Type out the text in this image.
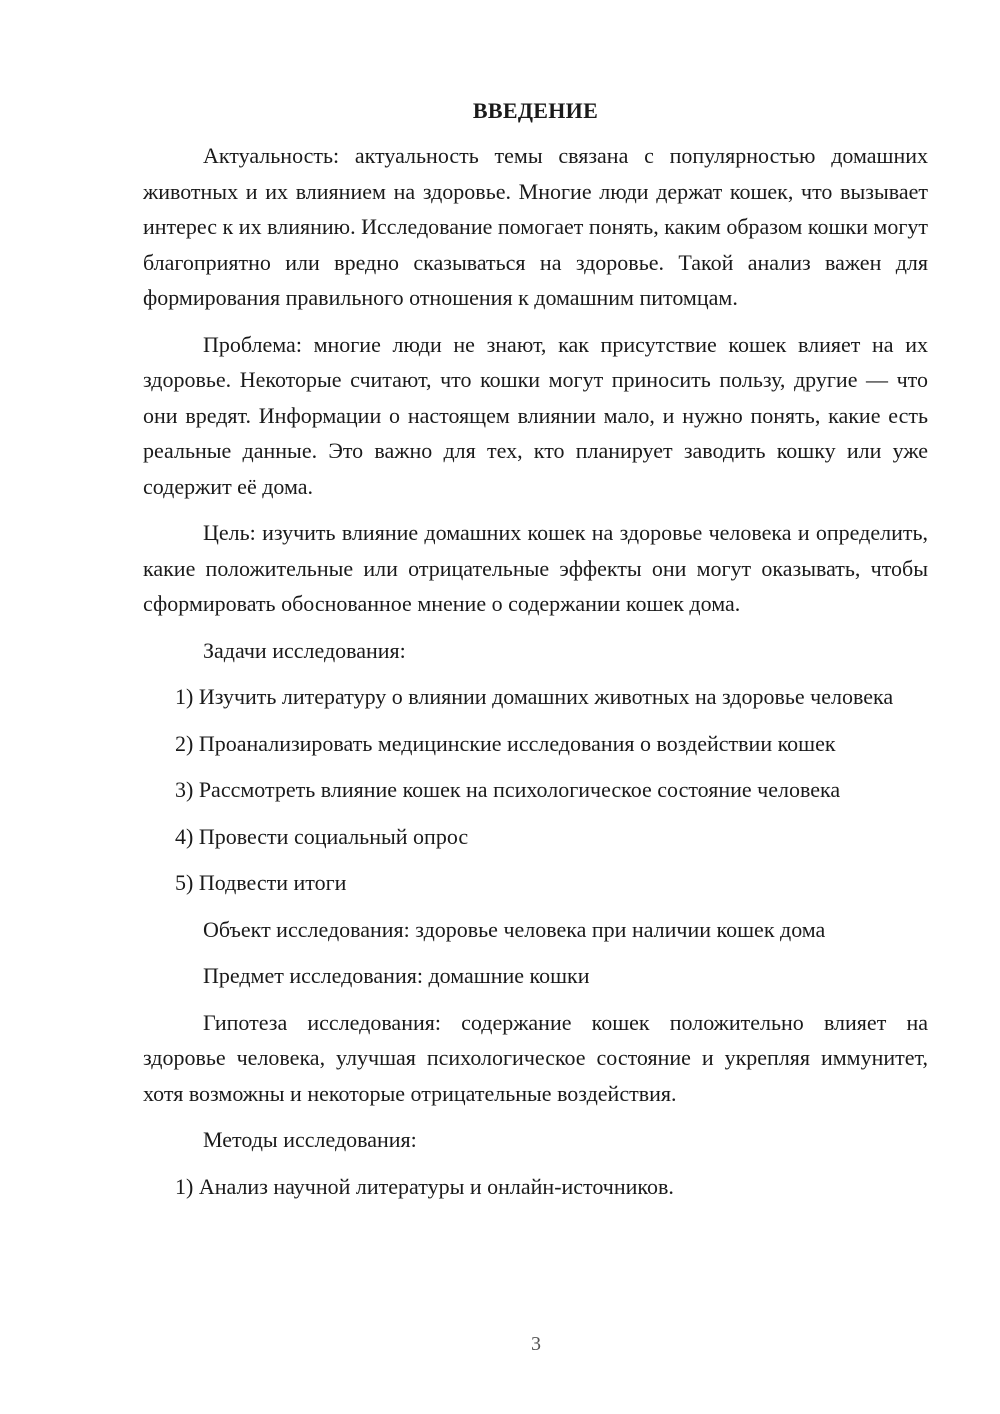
ВВЕДЕНИЕ

Актуальность: актуальность темы связана с популярностью домашних животных и их влиянием на здоровье. Многие люди держат кошек, что вызывает интерес к их влиянию. Исследование помогает понять, каким образом кошки могут благоприятно или вредно сказываться на здоровье. Такой анализ важен для формирования правильного отношения к домашним питомцам.

Проблема: многие люди не знают, как присутствие кошек влияет на их здоровье. Некоторые считают, что кошки могут приносить пользу, другие — что они вредят. Информации о настоящем влиянии мало, и нужно понять, какие есть реальные данные. Это важно для тех, кто планирует заводить кошку или уже содержит её дома.

Цель: изучить влияние домашних кошек на здоровье человека и определить, какие положительные или отрицательные эффекты они могут оказывать, чтобы сформировать обоснованное мнение о содержании кошек дома.

Задачи исследования:

1) Изучить литературу о влиянии домашних животных на здоровье человека

2) Проанализировать медицинские исследования о воздействии кошек

3) Рассмотреть влияние кошек на психологическое состояние человека

4) Провести социальный опрос

5) Подвести итоги

Объект исследования: здоровье человека при наличии кошек дома

Предмет исследования: домашние кошки

Гипотеза исследования: содержание кошек положительно влияет на здоровье человека, улучшая психологическое состояние и укрепляя иммунитет, хотя возможны и некоторые отрицательные воздействия.

Методы исследования:

1) Анализ научной литературы и онлайн-источников.

3
